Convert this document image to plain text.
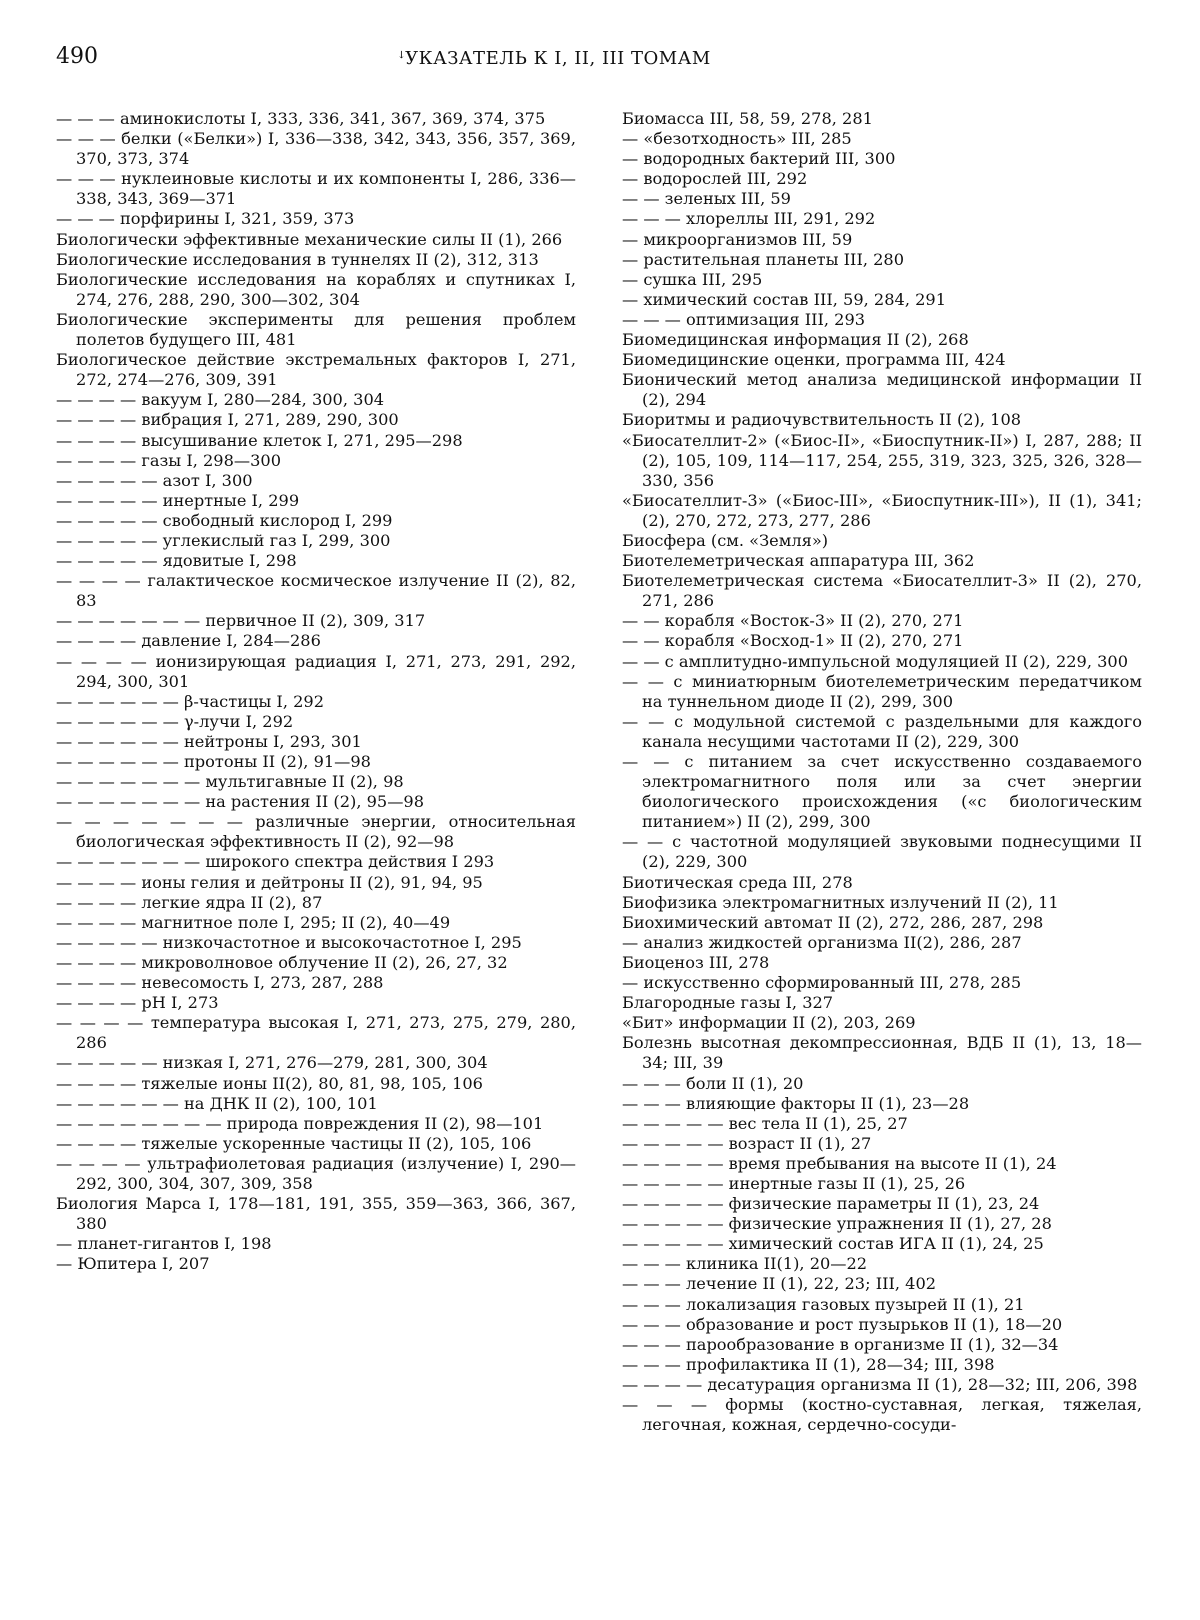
490	ꜜУКАЗАТЕЛЬ К I, II, III ТОМАМ
— — — аминокислоты I, 333, 336, 341, 367, 369, 374, 375
— — — белки («Белки») I, 336—338, 342, 343, 356, 357, 369, 370, 373, 374
— — — нуклеиновые кислоты и их компоненты I, 286, 336—338, 343, 369—371
— — — порфирины I, 321, 359, 373
Биологически эффективные механические силы II (1), 266
Биологические исследования в туннелях II (2), 312, 313
Биологические исследования на кораблях и спутниках I, 274, 276, 288, 290, 300—302, 304
Биологические эксперименты для решения проблем полетов будущего III, 481
Биологическое действие экстремальных факторов I, 271, 272, 274—276, 309, 391
— — — — вакуум I, 280—284, 300, 304
— — — — вибрация I, 271, 289, 290, 300
— — — — высушивание клеток I, 271, 295—298
— — — — газы I, 298—300
— — — — — азот I, 300
— — — — — инертные I, 299
— — — — — свободный кислород I, 299
— — — — — углекислый газ I, 299, 300
— — — — — ядовитые I, 298
— — — — галактическое космическое излучение II (2), 82, 83
— — — — — — — первичное II (2), 309, 317
— — — — давление I, 284—286
— — — — ионизирующая радиация I, 271, 273, 291, 292, 294, 300, 301
— — — — — — β-частицы I, 292
— — — — — — γ-лучи I, 292
— — — — — — нейтроны I, 293, 301
— — — — — — протоны II (2), 91—98
— — — — — — — мультигавные II (2), 98
— — — — — — — на растения II (2), 95—98
— — — — — — — различные энергии, относительная биологическая эффективность II (2), 92—98
— — — — — — — широкого спектра действия I 293
— — — — ионы гелия и дейтроны II (2), 91, 94, 95
— — — — легкие ядра II (2), 87
— — — — магнитное поле I, 295; II (2), 40—49
— — — — — низкочастотное и высокочастотное I, 295
— — — — микроволновое облучение II (2), 26, 27, 32
— — — — невесомость I, 273, 287, 288
— — — — pH I, 273
— — — — температура высокая I, 271, 273, 275, 279, 280, 286
— — — — — низкая I, 271, 276—279, 281, 300, 304
— — — — тяжелые ионы II(2), 80, 81, 98, 105, 106
— — — — — — на ДНК II (2), 100, 101
— — — — — — — — природа повреждения II (2), 98—101
— — — — тяжелые ускоренные частицы II (2), 105, 106
— — — — ультрафиолетовая радиация (излучение) I, 290—292, 300, 304, 307, 309, 358
Биология Марса I, 178—181, 191, 355, 359—363, 366, 367, 380
— планет-гигантов I, 198
— Юпитера I, 207
Биомасса III, 58, 59, 278, 281
— «безотходность» III, 285
— водородных бактерий III, 300
— водорослей III, 292
— — зеленых III, 59
— — — хлореллы III, 291, 292
— микроорганизмов III, 59
— растительная планеты III, 280
— сушка III, 295
— химический состав III, 59, 284, 291
— — — оптимизация III, 293
Биомедицинская информация II (2), 268
Биомедицинские оценки, программа III, 424
Бионический метод анализа медицинской информации II (2), 294
Биоритмы и радиочувствительность II (2), 108
«Биосателлит-2» («Биос-II», «Биоспутник-II») I, 287, 288; II (2), 105, 109, 114—117, 254, 255, 319, 323, 325, 326, 328—330, 356
«Биосателлит-3» («Биос-III», «Биоспутник-III»), II (1), 341; (2), 270, 272, 273, 277, 286
Биосфера (см. «Земля»)
Биотелеметрическая аппаратура III, 362
Биотелеметрическая система «Биосателлит-3» II (2), 270, 271, 286
— — корабля «Восток-3» II (2), 270, 271
— — корабля «Восход-1» II (2), 270, 271
— — с амплитудно-импульсной модуляцией II (2), 229, 300
— — с миниатюрным биотелеметрическим передатчиком на туннельном диоде II (2), 299, 300
— — с модульной системой с раздельными для каждого канала несущими частотами II (2), 229, 300
— — с питанием за счет искусственно создаваемого электромагнитного поля или за счет энергии биологического происхождения («с биологическим питанием») II (2), 299, 300
— — с частотной модуляцией звуковыми поднесущими II (2), 229, 300
Биотическая среда III, 278
Биофизика электромагнитных излучений II (2), 11
Биохимический автомат II (2), 272, 286, 287, 298
— анализ жидкостей организма II(2), 286, 287
Биоценоз III, 278
— искусственно сформированный III, 278, 285
Благородные газы I, 327
«Бит» информации II (2), 203, 269
Болезнь высотная декомпрессионная, ВДБ II (1), 13, 18—34; III, 39
— — — боли II (1), 20
— — — влияющие факторы II (1), 23—28
— — — — — вес тела II (1), 25, 27
— — — — — возраст II (1), 27
— — — — — время пребывания на высоте II (1), 24
— — — — — инертные газы II (1), 25, 26
— — — — — физические параметры II (1), 23, 24
— — — — — физические упражнения II (1), 27, 28
— — — — — химический состав ИГА II (1), 24, 25
— — — клиника II(1), 20—22
— — — лечение II (1), 22, 23; III, 402
— — — локализация газовых пузырей II (1), 21
— — — образование и рост пузырьков II (1), 18—20
— — — парообразование в организме II (1), 32—34
— — — профилактика II (1), 28—34; III, 398
— — — — десатурация организма II (1), 28—32; III, 206, 398
— — — формы (костно-суставная, легкая, тяжелая, легочная, кожная, сердечно-сосуди-
